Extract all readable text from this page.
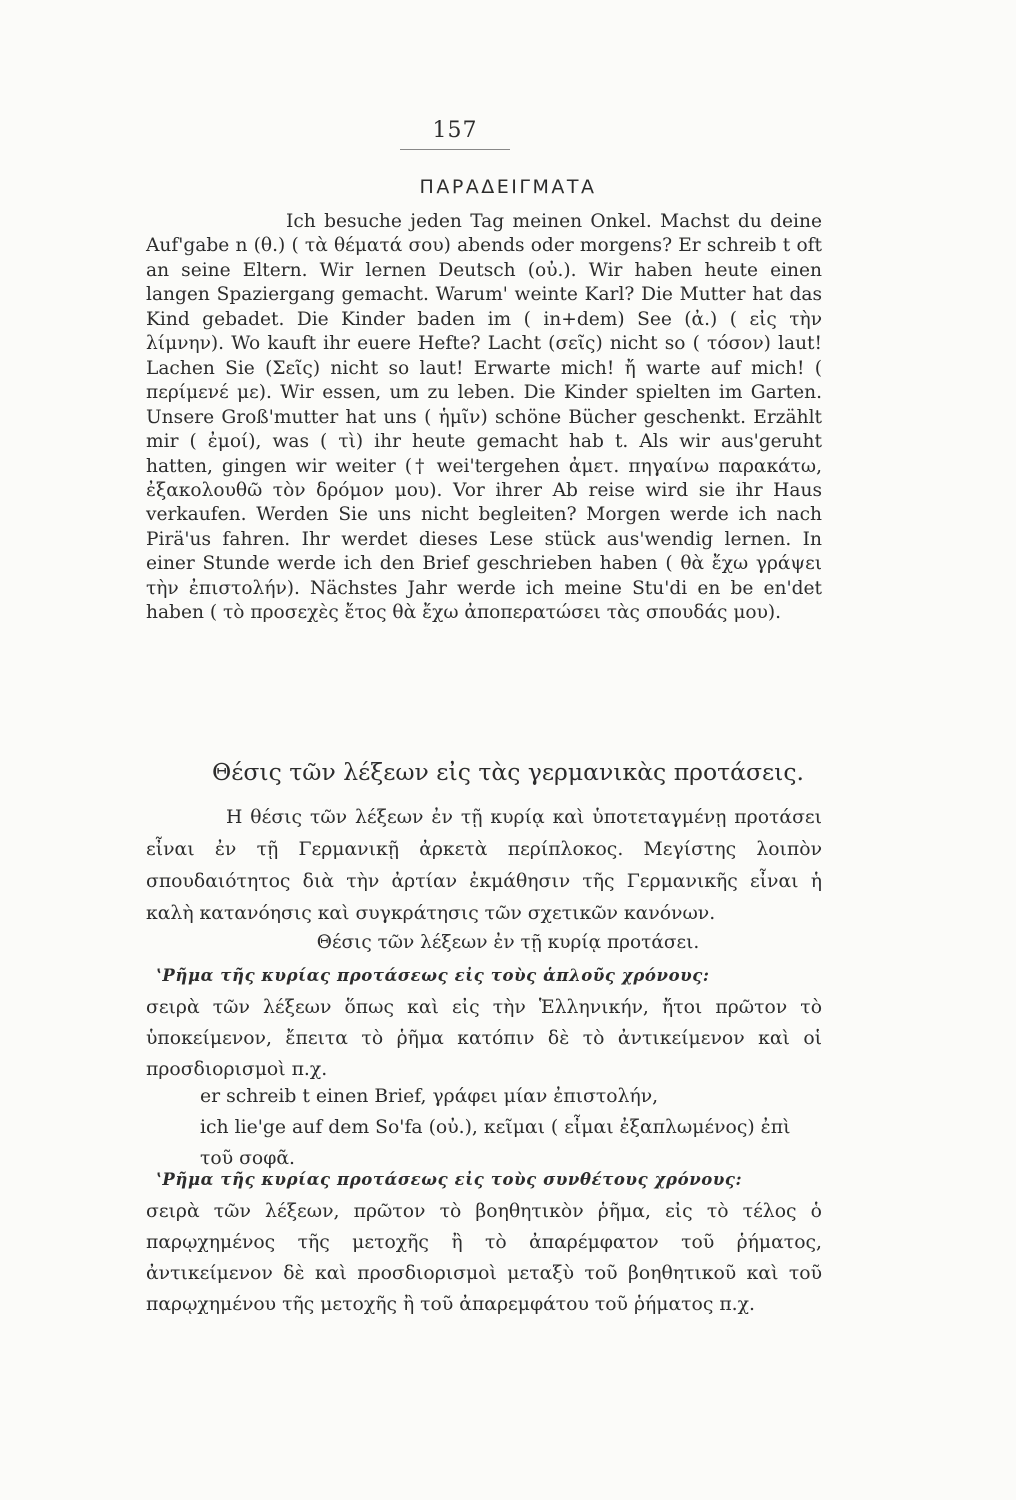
157
ΠΑΡΑΔΕΙΓΜΑΤΑ

Ich besuche jeden Tag meinen Onkel. Machst du deine Auf'gabe n (θ.) ( τὰ θέματά σου) abends oder morgens? Er schreib t oft an seine Eltern. Wir lernen Deutsch (οὐ.). Wir haben heute einen langen Spaziergang gemacht. Warum' weinte Karl? Die Mutter hat das Kind gebadet. Die Kinder baden im ( in+dem) See (ἀ.) ( εἰς τὴν λίμνην). Wo kauft ihr euere Hefte? Lacht (σεῖς) nicht so ( τόσον) laut! Lachen Sie (Σεῖς) nicht so laut! Erwarte mich! ἤ warte auf mich! ( περίμενέ με). Wir essen, um zu leben. Die Kinder spielten im Garten. Unsere Groß'mutter hat uns ( ἡμῖν) schöne Bücher geschenkt. Erzählt mir ( ἐμοί), was ( τὶ) ihr heute gemacht hab t. Als wir aus'geruht hatten, gingen wir weiter († wei'tergehen ἀμετ. πηγαίνω παρακάτω, ἐξακολουθῶ τὸν δρόμον μου). Vor ihrer Ab reise wird sie ihr Haus verkaufen. Werden Sie uns nicht begleiten? Morgen werde ich nach Pirä'us fahren. Ihr werdet dieses Lese stück aus'wendig lernen. In einer Stunde werde ich den Brief geschrieben haben ( θὰ ἔχω γράψει τὴν ἐπιστολήν). Nächstes Jahr werde ich meine Stu'di en be en'det haben ( τὸ προσεχὲς ἔτος θὰ ἔχω ἀποπερατώσει τὰς σπουδάς μου).

Θέσις τῶν λέξεων εἰς τὰς γερμανικὰς προτάσεις.

Η θέσις τῶν λέξεων ἐν τῇ κυρίᾳ καὶ ὑποτεταγμένῃ προτάσει εἶναι ἐν τῇ Γερμανικῇ ἀρκετὰ περίπλοκος. Μεγίστης λοιπὸν σπουδαιότητος διὰ τὴν ἀρτίαν ἐκμάθησιν τῆς Γερμανικῆς εἶναι ἡ καλὴ κατανόησις καὶ συγκράτησις τῶν σχετικῶν κανόνων.

Θέσις τῶν λέξεων ἐν τῇ κυρίᾳ προτάσει.
ʽΡῆμα τῆς κυρίας προτάσεως εἰς τοὺς ἁπλοῦς χρόνους:

σειρὰ τῶν λέξεων ὅπως καὶ εἰς τὴν Ἑλληνικήν, ἤτοι πρῶτον τὸ ὑποκείμενον, ἔπειτα τὸ ῥῆμα κατόπιν δὲ τὸ ἀντικείμενον καὶ οἱ προσδιορισμοὶ π.χ.

er schreib t einen Brief, γράφει μίαν ἐπιστολήν,
ich lie'ge auf dem So'fa (οὐ.), κεῖμαι ( εἶμαι ἐξαπλωμένος) ἐπὶ τοῦ σοφᾶ.
ʽΡῆμα τῆς κυρίας προτάσεως εἰς τοὺς συνθέτους χρόνους:

σειρὰ τῶν λέξεων, πρῶτον τὸ βοηθητικὸν ῥῆμα, εἰς τὸ τέλος ὁ παρῳχημένος τῆς μετοχῆς ἢ τὸ ἀπαρέμφατον τοῦ ῥήματος, ἀντικείμενον δὲ καὶ προσδιορισμοὶ μεταξὺ τοῦ βοηθητικοῦ καὶ τοῦ παρῳχημένου τῆς μετοχῆς ἢ τοῦ ἀπαρεμφάτου τοῦ ῥήματος π.χ.
